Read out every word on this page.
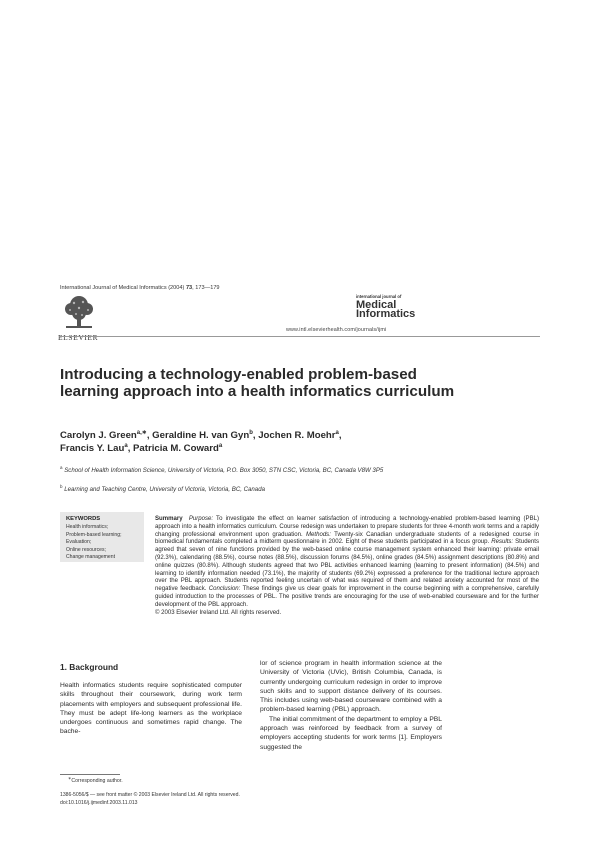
International Journal of Medical Informatics (2004) 73, 173—179
ELSEVIER
international journal of
Medical
Informatics
www.intl.elsevierhealth.com/journals/ijmi
Introducing a technology-enabled problem-based learning approach into a health informatics curriculum
Carolyn J. Green$^{a,∗}$, Geraldine H. van Gyn$^b$, Jochen R. Moehr$^a$,
Francis Y. Lau$^a$, Patricia M. Coward$^a$
$^a$ School of Health Information Science, University of Victoria, P.O. Box 3050, STN CSC, Victoria, BC, Canada V8W 3P5
$^b$ Learning and Teaching Centre, University of Victoria, Victoria, BC, Canada
KEYWORDS
Health informatics;
Problem-based learning;
Evaluation;
Online resources;
Change management
Summary Purpose: To investigate the effect on learner satisfaction of introducing a technology-enabled problem-based learning (PBL) approach into a health informatics curriculum. Course redesign was undertaken to prepare students for three 4-month work terms and a rapidly changing professional environment upon graduation. Methods: Twenty-six Canadian undergraduate students of a redesigned course in biomedical fundamentals completed a midterm questionnaire in 2002. Eight of these students participated in a focus group. Results: Students agreed that seven of nine functions provided by the web-based online course management system enhanced their learning: private email (92.3%), calendaring (88.5%), course notes (88.5%), discussion forums (84.5%), online grades (84.5%) assignment descriptions (80.8%) and online quizzes (80.8%). Although students agreed that two PBL activities enhanced learning (learning to present information) (84.5%) and learning to identify information needed (73.1%), the majority of students (69.2%) expressed a preference for the traditional lecture approach over the PBL approach. Students reported feeling uncertain of what was required of them and related anxiety accounted for most of the negative feedback. Conclusion: These findings give us clear goals for improvement in the course beginning with a comprehensive, carefully guided introduction to the processes of PBL. The positive trends are encouraging for the use of web-enabled courseware and for the further development of the PBL approach.
© 2003 Elsevier Ireland Ltd. All rights reserved.
1. Background

Health informatics students require sophisticated computer skills throughout their coursework, during work term placements with employers and subsequent professional life. They must be adept life-long learners as the workplace undergoes continuous and sometimes rapid change. The bache-

lor of science program in health information science at the University of Victoria (UVic), British Columbia, Canada, is currently undergoing curriculum redesign in order to improve such skills and to support distance delivery of its courses. This includes using web-based courseware combined with a problem-based learning (PBL) approach.

The initial commitment of the department to employ a PBL approach was reinforced by feedback from a survey of employers accepting students for work terms [1]. Employers suggested the

∗Corresponding author.
1386-5056/$ — see front matter © 2003 Elsevier Ireland Ltd. All rights reserved.
doi:10.1016/j.ijmedinf.2003.11.013
